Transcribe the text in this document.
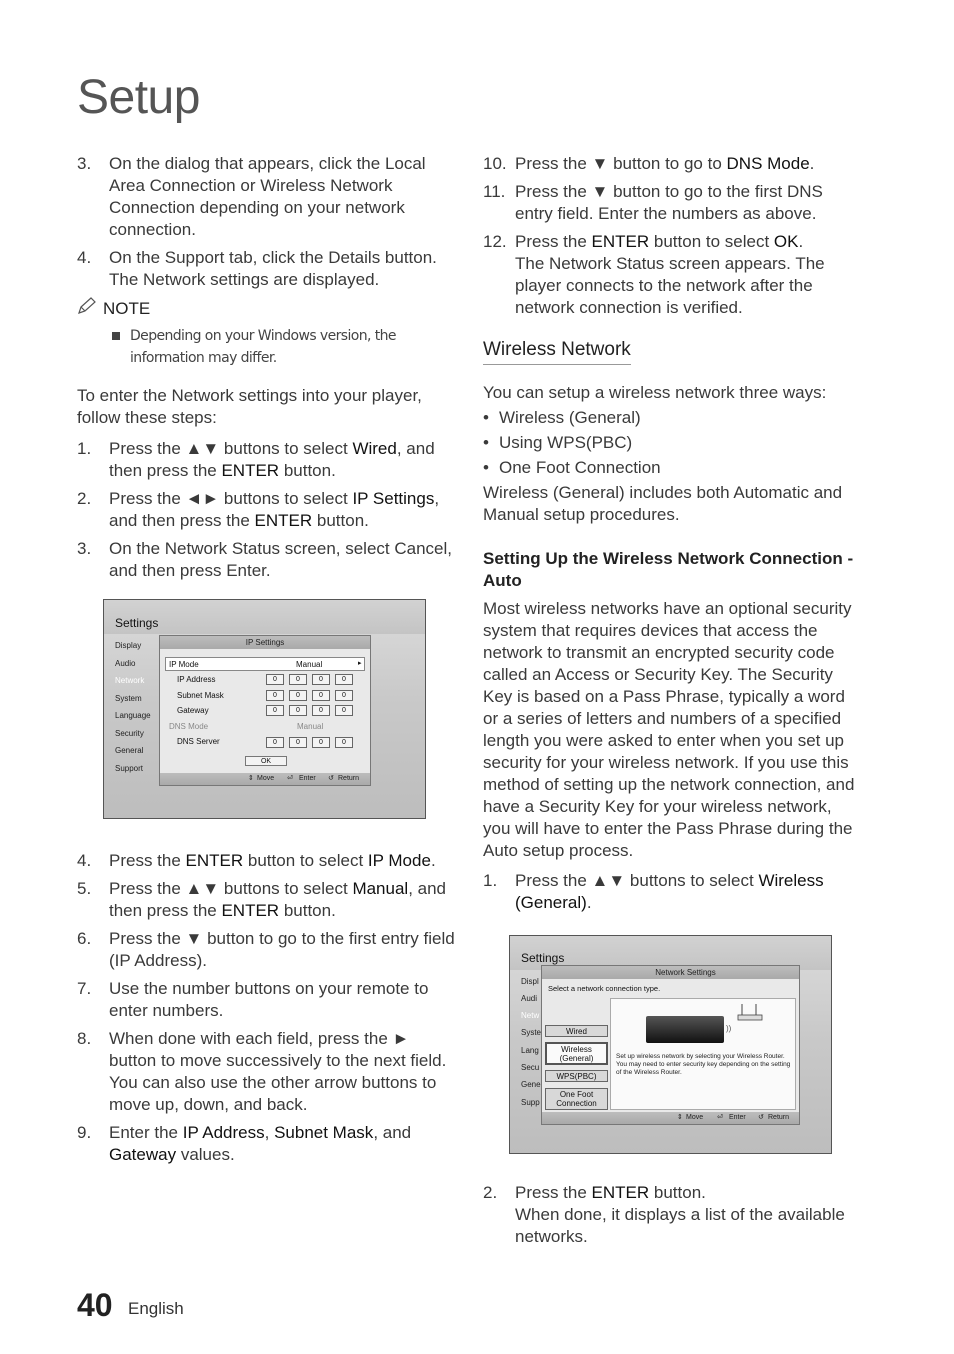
Setup
3.	On the dialog that appears, click the Local Area Connection or Wireless Network Connection depending on your network connection.
4.	On the Support tab, click the Details button. The Network settings are displayed.
NOTE
Depending on your Windows version, the information may differ.
To enter the Network settings into your player, follow these steps:
1.	Press the ▲▼ buttons to select Wired, and then press the ENTER button.
2.	Press the ◄► buttons to select IP Settings, and then press the ENTER button.
3.	On the Network Status screen, select Cancel, and then press Enter.
Settings
Display
Audio
Network
System
Language
Security
General
Support
IP Settings
IP Mode	Manual	▸
IP Address	0	0	0	0
Subnet Mask	0	0	0	0
Gateway	0	0	0	0
DNS Mode	Manual
DNS Server	0	0	0	0
OK
⇕ Move ⏎ Enter ↺ Return
4.	Press the ENTER button to select IP Mode.
5.	Press the ▲▼ buttons to select Manual, and then press the ENTER button.
6.	Press the ▼ button to go to the first entry field (IP Address).
7.	Use the number buttons on your remote to enter numbers.
8.	When done with each field, press the ► button to move successively to the next field. You can also use the other arrow buttons to move up, down, and back.
9.	Enter the IP Address, Subnet Mask, and Gateway values.
10. Press the ▼ button to go to DNS Mode.
11. Press the ▼ button to go to the first DNS entry field. Enter the numbers as above.
12. Press the ENTER button to select OK.
The Network Status screen appears. The player connects to the network after the network connection is verified.
Wireless Network
You can setup a wireless network three ways:
• Wireless (General)
• Using WPS(PBC)
• One Foot Connection
Wireless (General) includes both Automatic and Manual setup procedures.
Setting Up the Wireless Network Connection - Auto
Most wireless networks have an optional security system that requires devices that access the network to transmit an encrypted security code called an Access or Security Key. The Security Key is based on a Pass Phrase, typically a word or a series of letters and numbers of a specified length you were asked to enter when you set up security for your wireless network. If you use this method of setting up the network connection, and have a Security Key for your wireless network, you will have to enter the Pass Phrase during the Auto setup process.
1.	Press the ▲▼ buttons to select Wireless (General).
Settings
Displ
Audi
Netw
Syste
Lang
Secu
Gene
Supp
Network Settings
Select a network connection type.
Wired
Wireless (General)
WPS(PBC)
One Foot Connection
))
Set up wireless network by selecting your Wireless Router. You may need to enter security key depending on the setting of the Wireless Router.
⇕ Move ⏎ Enter ↺ Return
2.	Press the ENTER button.
When done, it displays a list of the available networks.
40 English
